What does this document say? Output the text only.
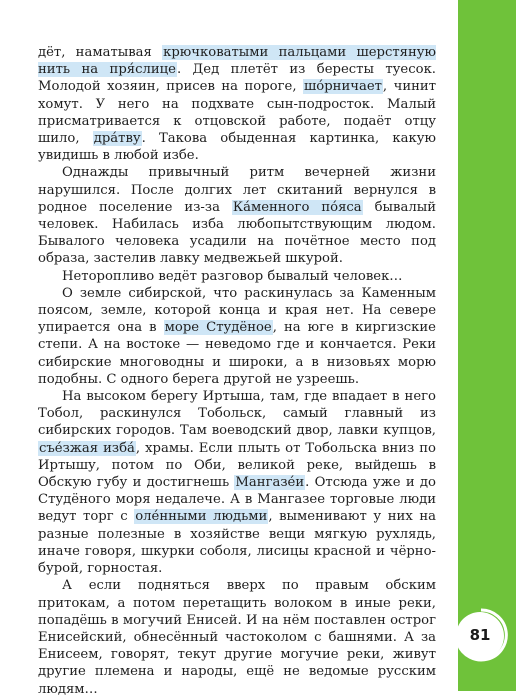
дёт, наматывая крючковатыми пальцами шерстяную нить на пря́слице. Дед плетёт из бересты туесок. Молодой хозяин, присев на пороге, шо́рничает, чинит хомут. У него на подхвате сын-подросток. Малый присматривается к отцовской работе, подаёт отцу шило, дра́тву. Такова обыденная картинка, какую увидишь в любой избе.

Однажды привычный ритм вечерней жизни нарушился. После долгих лет скитаний вернулся в родное поселение из-за Ка́менного по́яса бывалый человек. Набилась изба любопытствующим людом. Бывалого человека усадили на почётное место под образа, застелив лавку медвежьей шкурой.

Неторопливо ведёт разговор бывалый человек…

О земле сибирской, что раскинулась за Каменным поясом, земле, которой конца и края нет. На севере упирается она в море Студёное, на юге в киргизские степи. А на востоке — неведомо где и кончается. Реки сибирские многоводны и широки, а в низовьях морю подобны. С одного берега другой не узреешь.

На высоком берегу Иртыша, там, где впадает в него Тобол, раскинулся Тобольск, самый главный из сибирских городов. Там воеводский двор, лавки купцов, съе́зжая изба́, храмы. Если плыть от Тобольска вниз по Иртышу, потом по Оби, великой реке, выйдешь в Обскую губу и достигнешь Мангазе́и. Отсюда уже и до Студёного моря недалече. А в Мангазее торговые люди ведут торг с оле́нными людьми, выменивают у них на разные полезные в хозяйстве вещи мягкую рухлядь, иначе говоря, шкурки соболя, лисицы красной и чёрно-бурой, горностая.

А если подняться вверх по правым обским притокам, а потом перетащить волоком в иные реки, попадёшь в могучий Енисей. И на нём поставлен острог Енисейский, обнесённый частоколом с башнями. А за Енисеем, говорят, текут другие могучие реки, живут другие племена и народы, ещё не ведомые русским людям…

81
